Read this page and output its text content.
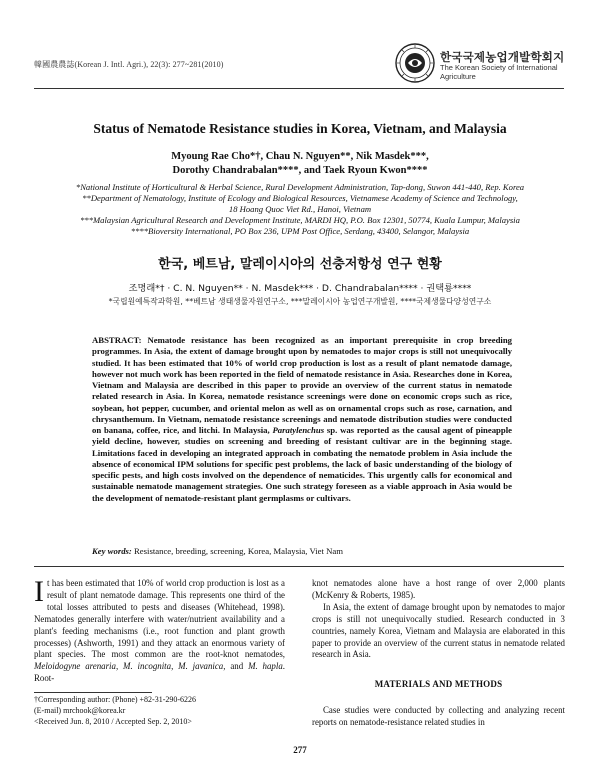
韓國農農誌(Korean J. Intl. Agri.), 22(3): 277~281(2010)
한국국제농업개발학회지
The Korean Society of International Agriculture
Status of Nematode Resistance studies in Korea, Vietnam, and Malaysia
Myoung Rae Cho*†, Chau N. Nguyen**, Nik Masdek***,
Dorothy Chandrabalan****, and Taek Ryoun Kwon****
*National Institute of Horticultural & Herbal Science, Rural Development Administration, Tap-dong, Suwon 441-440, Rep. Korea
**Department of Nematology, Institute of Ecology and Biological Resources, Vietnamese Academy of Science and Technology,
18 Hoang Quoc Viet Rd., Hanoi, Vietnam
***Malaysian Agricultural Research and Development Institute, MARDI HQ, P.O. Box 12301, 50774, Kuala Lumpur, Malaysia
****Bioversity International, PO Box 236, UPM Post Office, Serdang, 43400, Selangor, Malaysia
한국, 베트남, 말레이시아의 선충저항성 연구 현황
조명래*† · C. N. Nguyen** · N. Masdek*** · D. Chandrabalan**** · 권택룡****
*국립원예특작과학원, **베트남 생태생물자원연구소, ***말레이시아 농업연구개발원, ****국제생물다양성연구소
ABSTRACT: Nematode resistance has been recognized as an important prerequisite in crop breeding programmes. In Asia, the extent of damage brought upon by nematodes to major crops is still not unequivocally studied. It has been estimated that 10% of world crop production is lost as a result of plant nematode damage, however not much work has been reported in the field of nematode resistance in Asia. Researches done in Korea, Vietnam and Malaysia are described in this paper to provide an overview of the current status in nematode related research in Asia. In Korea, nematode resistance screenings were done on economic crops such as rice, soybean, hot pepper, cucumber, and oriental melon as well as on ornamental crops such as rose, carnation, and chrysanthemum. In Vietnam, nematode resistance screenings and nematode distribution studies were conducted on banana, coffee, rice, and litchi. In Malaysia, Paratylenchus sp. was reported as the causal agent of pineapple yield decline, however, studies on screening and breeding of resistant cultivar are in the beginning stage. Limitations faced in developing an integrated approach in combating the nematode problem in Asia include the absence of economical IPM solutions for specific pest problems, the lack of basic understanding of the biology of specific pests, and high costs involved on the dependence of nematicides. This urgently calls for economical and sustainable nematode management strategies. One such strategy foreseen as a viable approach in Asia would be the development of nematode-resistant plant germplasms or cultivars.
Key words: Resistance, breeding, screening, Korea, Malaysia, Viet Nam

It has been estimated that 10% of world crop production is lost as a result of plant nematode damage. This represents one third of the total losses attributed to pests and diseases (Whitehead, 1998). Nematodes generally interfere with water/nutrient availability and a plant's feeding mechanisms (i.e., root function and plant growth processes) (Ashworth, 1991) and they attack an enormous variety of plant species. The most common are the root-knot nematodes, Meloidogyne arenaria, M. incognita, M. javanica, and M. hapla. Root-

knot nematodes alone have a host range of over 2,000 plants (McKenry & Roberts, 1985).

In Asia, the extent of damage brought upon by nematodes to major crops is still not unequivocally studied. Research conducted in 3 countries, namely Korea, Vietnam and Malaysia are elaborated in this paper to provide an overview of the current status in nematode related research in Asia.

MATERIALS AND METHODS

Case studies were conducted by collecting and analyzing recent reports on nematode-resistance related studies in

†Corresponding author: (Phone) +82-31-290-6226
(E-mail) mrchook@korea.kr
<Received Jun. 8, 2010 / Accepted Sep. 2, 2010>
277
